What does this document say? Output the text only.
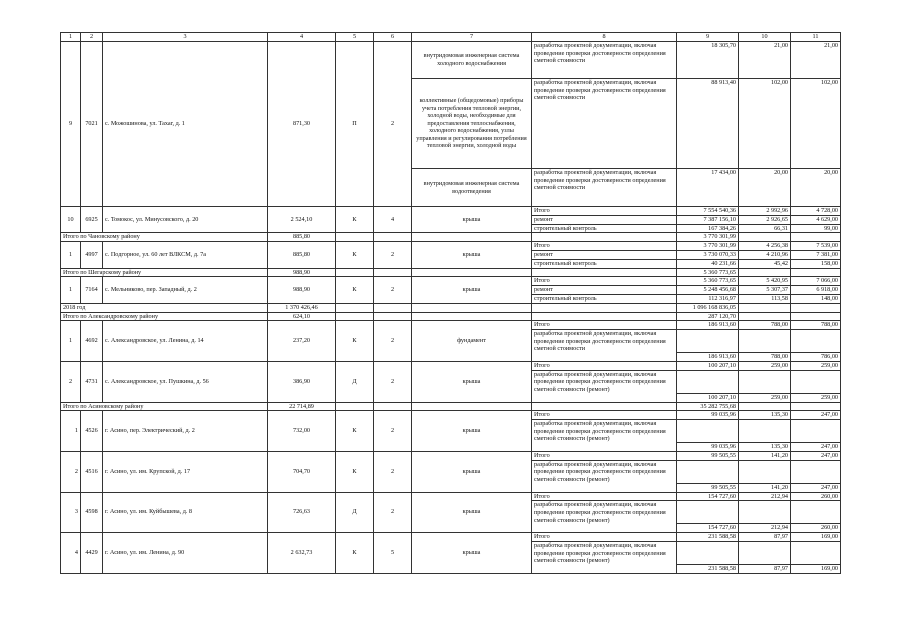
1	2	3	4	5	6	7	8	9	10	11
9	7021	с. Можошинова, ул. Тахаг, д. 1	871,30	П	2	внутридомовая инженерная система холодного водоснабжения	разработка проектной документации, включая проведение проверки достоверности определения сметной стоимости	18 305,70	21,00	21,00
						коллективные (общедомовые) приборы учета потребления тепловой энергии, холодной воды, необходимые для предоставления теплоснабжения, холодного водоснабжения, узлы управления и регулирования потребления тепловой энергии, холодной воды	разработка проектной документации, включая проведение проверки достоверности определения сметной стоимости	88 913,40	102,00	102,00
						внутридомовая инженерная система водоотведения	разработка проектной документации, включая проведение проверки достоверности определения сметной стоимости	17 434,00	20,00	20,00
10	6925	с. Томокос, ул. Минусовского, д. 20	2 524,10	К	4	крыша	Итого	7 554 540,36	2 992,96	4 728,00
							ремонт	7 387 156,10	2 926,65	4 629,00
							строительный контроль	167 384,26	66,31	99,00
Итого по Чановскому району			885,80					3 770 301,99		
1	4997	с. Подгорное, ул. 60 лет ВЛКСМ, д. 7а	885,80	К	2	крыша	Итого	3 770 301,99	4 256,38	7 539,00
							ремонт	3 730 070,33	4 210,96	7 381,00
							строительный контроль	40 231,66	45,42	158,00
Итого по Шегарскому району			988,90					5 360 773,65		
1	7164	с. Мельниково, пер. Западный, д. 2	988,90	К	2	крыша	Итого	5 360 773,65	5 420,95	7 066,00
							ремонт	5 248 456,68	5 307,37	6 918,00
							строительный контроль	112 316,97	113,58	148,00
2018 год			1 370 426,46					1 096 168 836,05		
Итого по Александровскому району			624,10					287 120,70		
1	4692	с. Александровское, ул. Ленина, д. 14	237,20	К	2	фундамент	Итого	186 913,60	788,00	788,00
							разработка проектной документации, включая проведение проверки достоверности определения сметной стоимости			
								186 913,60	788,00	786,00
2	4731	с. Александровское, ул. Пушкина, д. 56	386,90	Д	2	крыша	Итого	100 207,10	259,00	259,00
							разработка проектной документации, включая проведение проверки достоверности определения сметной стоимости (ремонт)			
								100 207,10	259,00	259,00
Итого по Асиновскому району			22 714,89					35 282 755,68		
1	4526	г. Асино, пер. Электрический, д. 2	732,00	К	2	крыша	Итого	99 035,96	135,30	247,00
							разработка проектной документации, включая проведение проверки достоверности определения сметной стоимости (ремонт)			
								99 035,96	135,30	247,00
2	4516	г. Асино, ул. им. Крупской, д. 17	704,70	К	2	крыша	Итого	99 505,55	141,20	247,00
							разработка проектной документации, включая проведение проверки достоверности определения сметной стоимости (ремонт)			
								99 505,55	141,20	247,00
3	4598	г. Асино, ул. им. Куйбышева, д. 8	726,63	Д	2	крыша	Итого	154 727,60	212,94	260,00
							разработка проектной документации, включая проведение проверки достоверности определения сметной стоимости (ремонт)			
								154 727,60	212,94	260,00
4	4429	г. Асино, ул. им. Ленина, д. 90	2 632,73	К	5	крыша	Итого	231 588,58	87,97	169,00
							разработка проектной документации, включая проведение проверки достоверности определения сметной стоимости (ремонт)			
								231 588,58	87,97	169,00
